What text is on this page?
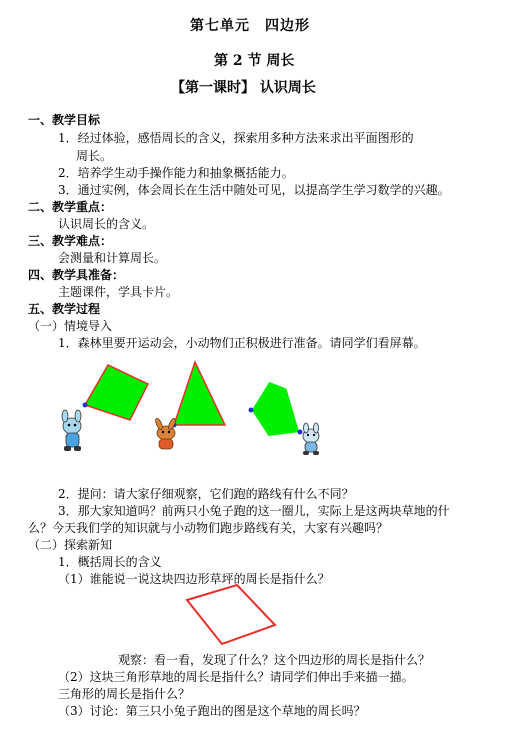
第七单元　四边形
第 2 节 周长
【第一课时】 认识周长
一、教学目标
1．经过体验，感悟周长的含义，探索用多种方法来求出平面图形的
周长。
2．培养学生动手操作能力和抽象概括能力。
3．通过实例，体会周长在生活中随处可见，以提高学生学习数学的兴趣。
二、教学重点：
认识周长的含义。
三、教学难点：
会测量和计算周长。
四、教学具准备：
主题课件，学具卡片。
五、教学过程
（一）情境导入
1．森林里要开运动会，小动物们正积极进行准备。请同学们看屏幕。
2．提问：请大家仔细观察，它们跑的路线有什么不同？
3．那大家知道吗？前两只小兔子跑的这一圈儿，实际上是这两块草地的什
么？今天我们学的知识就与小动物们跑步路线有关，大家有兴趣吗？
（二）探索新知
1．概括周长的含义
（1）谁能说一说这块四边形草坪的周长是指什么？
观察：看一看，发现了什么？这个四边形的周长是指什么？
（2）这块三角形草地的周长是指什么？请同学们伸出手来描一描。
三角形的周长是指什么？
（3）讨论：第三只小兔子跑出的图是这个草地的周长吗？
